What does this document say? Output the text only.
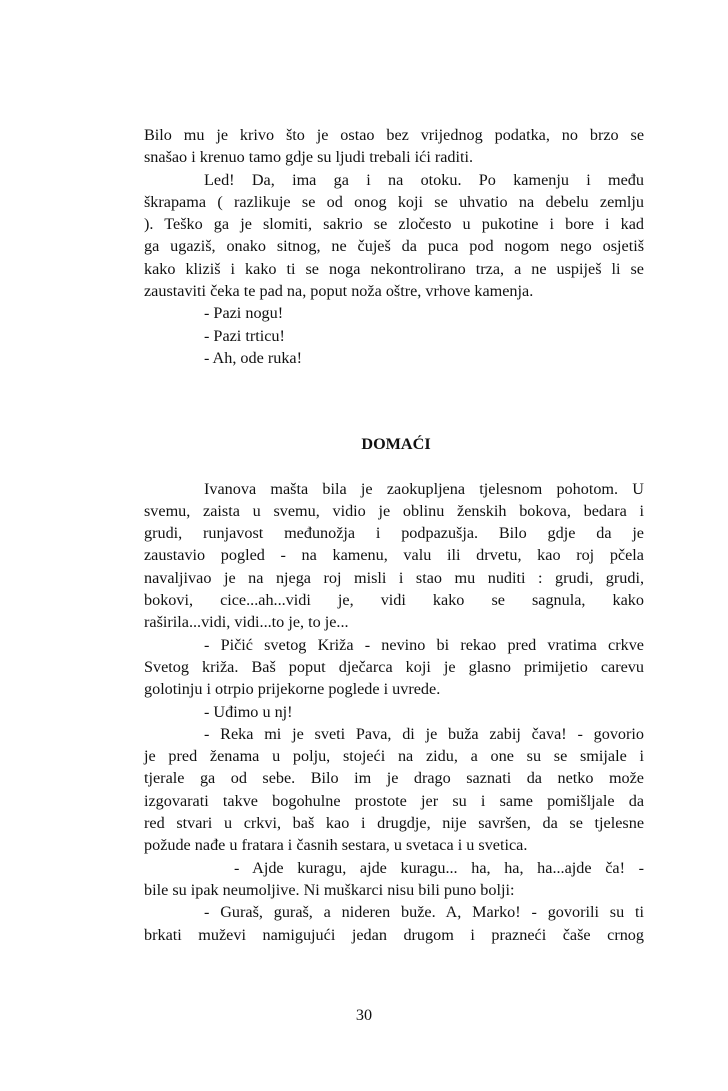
Bilo mu je krivo što je ostao bez vrijednog podatka, no brzo se
snašao i krenuo tamo gdje su ljudi trebali ići raditi.
Led! Da, ima ga i na otoku. Po kamenju i među
škrapama ( razlikuje se od onog koji se uhvatio na debelu zemlju
). Teško ga je slomiti, sakrio se zločesto u pukotine i bore i kad
ga ugaziš, onako sitnog, ne čuješ da puca pod nogom nego osjetiš
kako kliziš i kako ti se noga nekontrolirano trza, a ne uspiješ li se
zaustaviti čeka te pad na, poput noža oštre, vrhove kamenja.
- Pazi nogu!
- Pazi trticu!
- Ah, ode ruka!
DOMAĆI
Ivanova mašta bila je zaokupljena tjelesnom pohotom. U
svemu, zaista u svemu, vidio je oblinu ženskih bokova, bedara i
grudi, runjavost međunožja i podpazušja. Bilo gdje da je
zaustavio pogled - na kamenu, valu ili drvetu, kao roj pčela
navaljivao je na njega roj misli i stao mu nuditi : grudi, grudi,
bokovi, cice...ah...vidi je, vidi kako se sagnula, kako
raširila...vidi, vidi...to je, to je...
- Pičić svetog Križa - nevino bi rekao pred vratima crkve
Svetog križa. Baš poput dječarca koji je glasno primijetio carevu
golotinju i otrpio prijekorne poglede i uvrede.
- Uđimo u nj!
- Reka mi je sveti Pava, di je buža zabij čava! - govorio
je pred ženama u polju, stojeći na zidu, a one su se smijale i
tjerale ga od sebe. Bilo im je drago saznati da netko može
izgovarati takve bogohulne prostote jer su i same pomišljale da
red stvari u crkvi, baš kao i drugdje, nije savršen, da se tjelesne
požude nađe u fratara i časnih sestara, u svetaca i u svetica.
- Ajde kuragu, ajde kuragu... ha, ha, ha...ajde ča! -
bile su ipak neumoljive. Ni muškarci nisu bili puno bolji:
- Guraš, guraš, a nideren buže. A, Marko! - govorili su ti
brkati muževi namigujući jedan drugom i prazneći čaše crnog
30
